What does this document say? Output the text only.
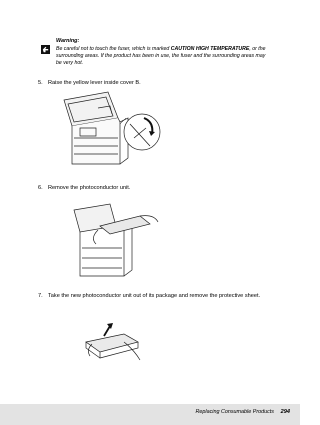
Warning:
Be careful not to touch the fuser, which is marked CAUTION HIGH TEMPERATURE, or the surrounding areas. If the product has been in use, the fuser and the surrounding areas may be very hot.
5. Raise the yellow lever inside cover B.
6. Remove the photoconductor unit.
7. Take the new photoconductor unit out of its package and remove the protective sheet.
Replacing Consumable Products 294
